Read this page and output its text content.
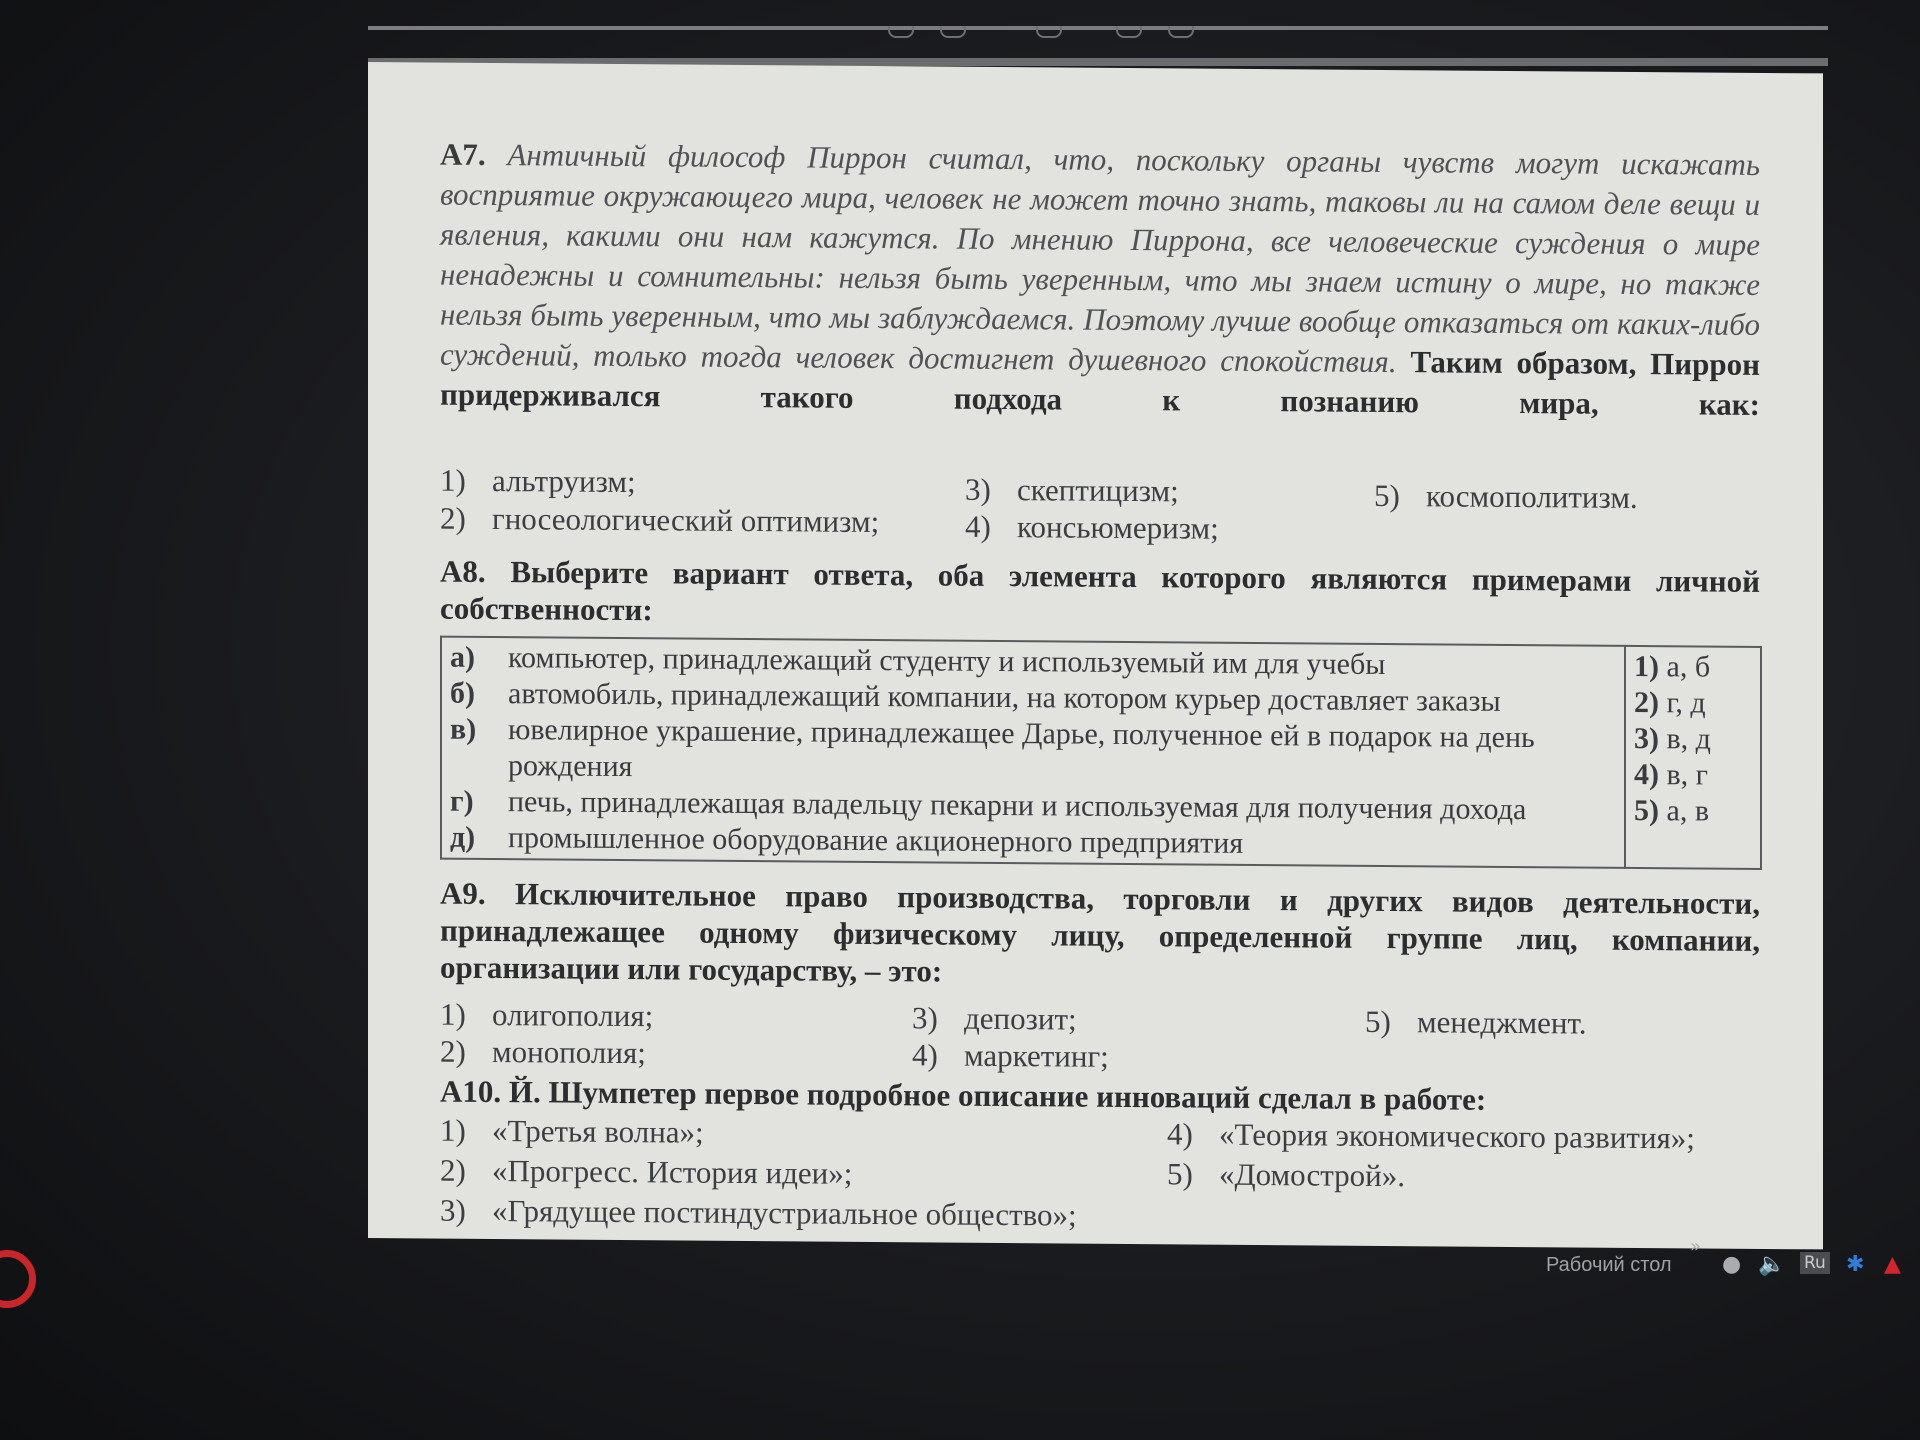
А7. Античный философ Пиррон считал, что, поскольку органы чувств могут искажать восприятие окружающего мира, человек не может точно знать, таковы ли на самом деле вещи и явления, какими они нам кажутся. По мнению Пиррона, все человеческие суждения о мире ненадежны и сомнительны: нельзя быть уверенным, что мы знаем истину о мире, но также нельзя быть уверенным, что мы заблуждаемся. Поэтому лучше вообще отказаться от каких-либо суждений, только тогда человек достигнет душевного спокойствия. Таким образом, Пиррон придерживался такого подхода к познанию мира, как:
1) альтруизм;
2) гносеологический оптимизм;
3) скептицизм;
4) консьюмеризм;
5) космополитизм.
А8. Выберите вариант ответа, оба элемента которого являются примерами личной собственности:
а)	компьютер, принадлежащий студенту и используемый им для учебы
б)	автомобиль, принадлежащий компании, на котором курьер доставляет заказы
в)	ювелирное украшение, принадлежащее Дарье, полученное ей в подарок на день рождения
г)	печь, принадлежащая владельцу пекарни и используемая для получения дохода
д)	промышленное оборудование акционерного предприятия

1) а, б
2) г, д
3) в, д
4) в, г
5) а, в
А9. Исключительное право производства, торговли и других видов деятельности, принадлежащее одному физическому лицу, определенной группе лиц, компании, организации или государству, – это:
1) олигополия;
2) монополия;
3) депозит;
4) маркетинг;
5) менеджмент.
А10. Й. Шумпетер первое подробное описание инноваций сделал в работе:
1) «Третья волна»;
2) «Прогресс. История идеи»;
3) «Грядущее постиндустриальное общество»;
4) «Теория экономического развития»;
5) «Домострой».
»
Рабочий стол ● 🔈 Ru ✱ ▲
